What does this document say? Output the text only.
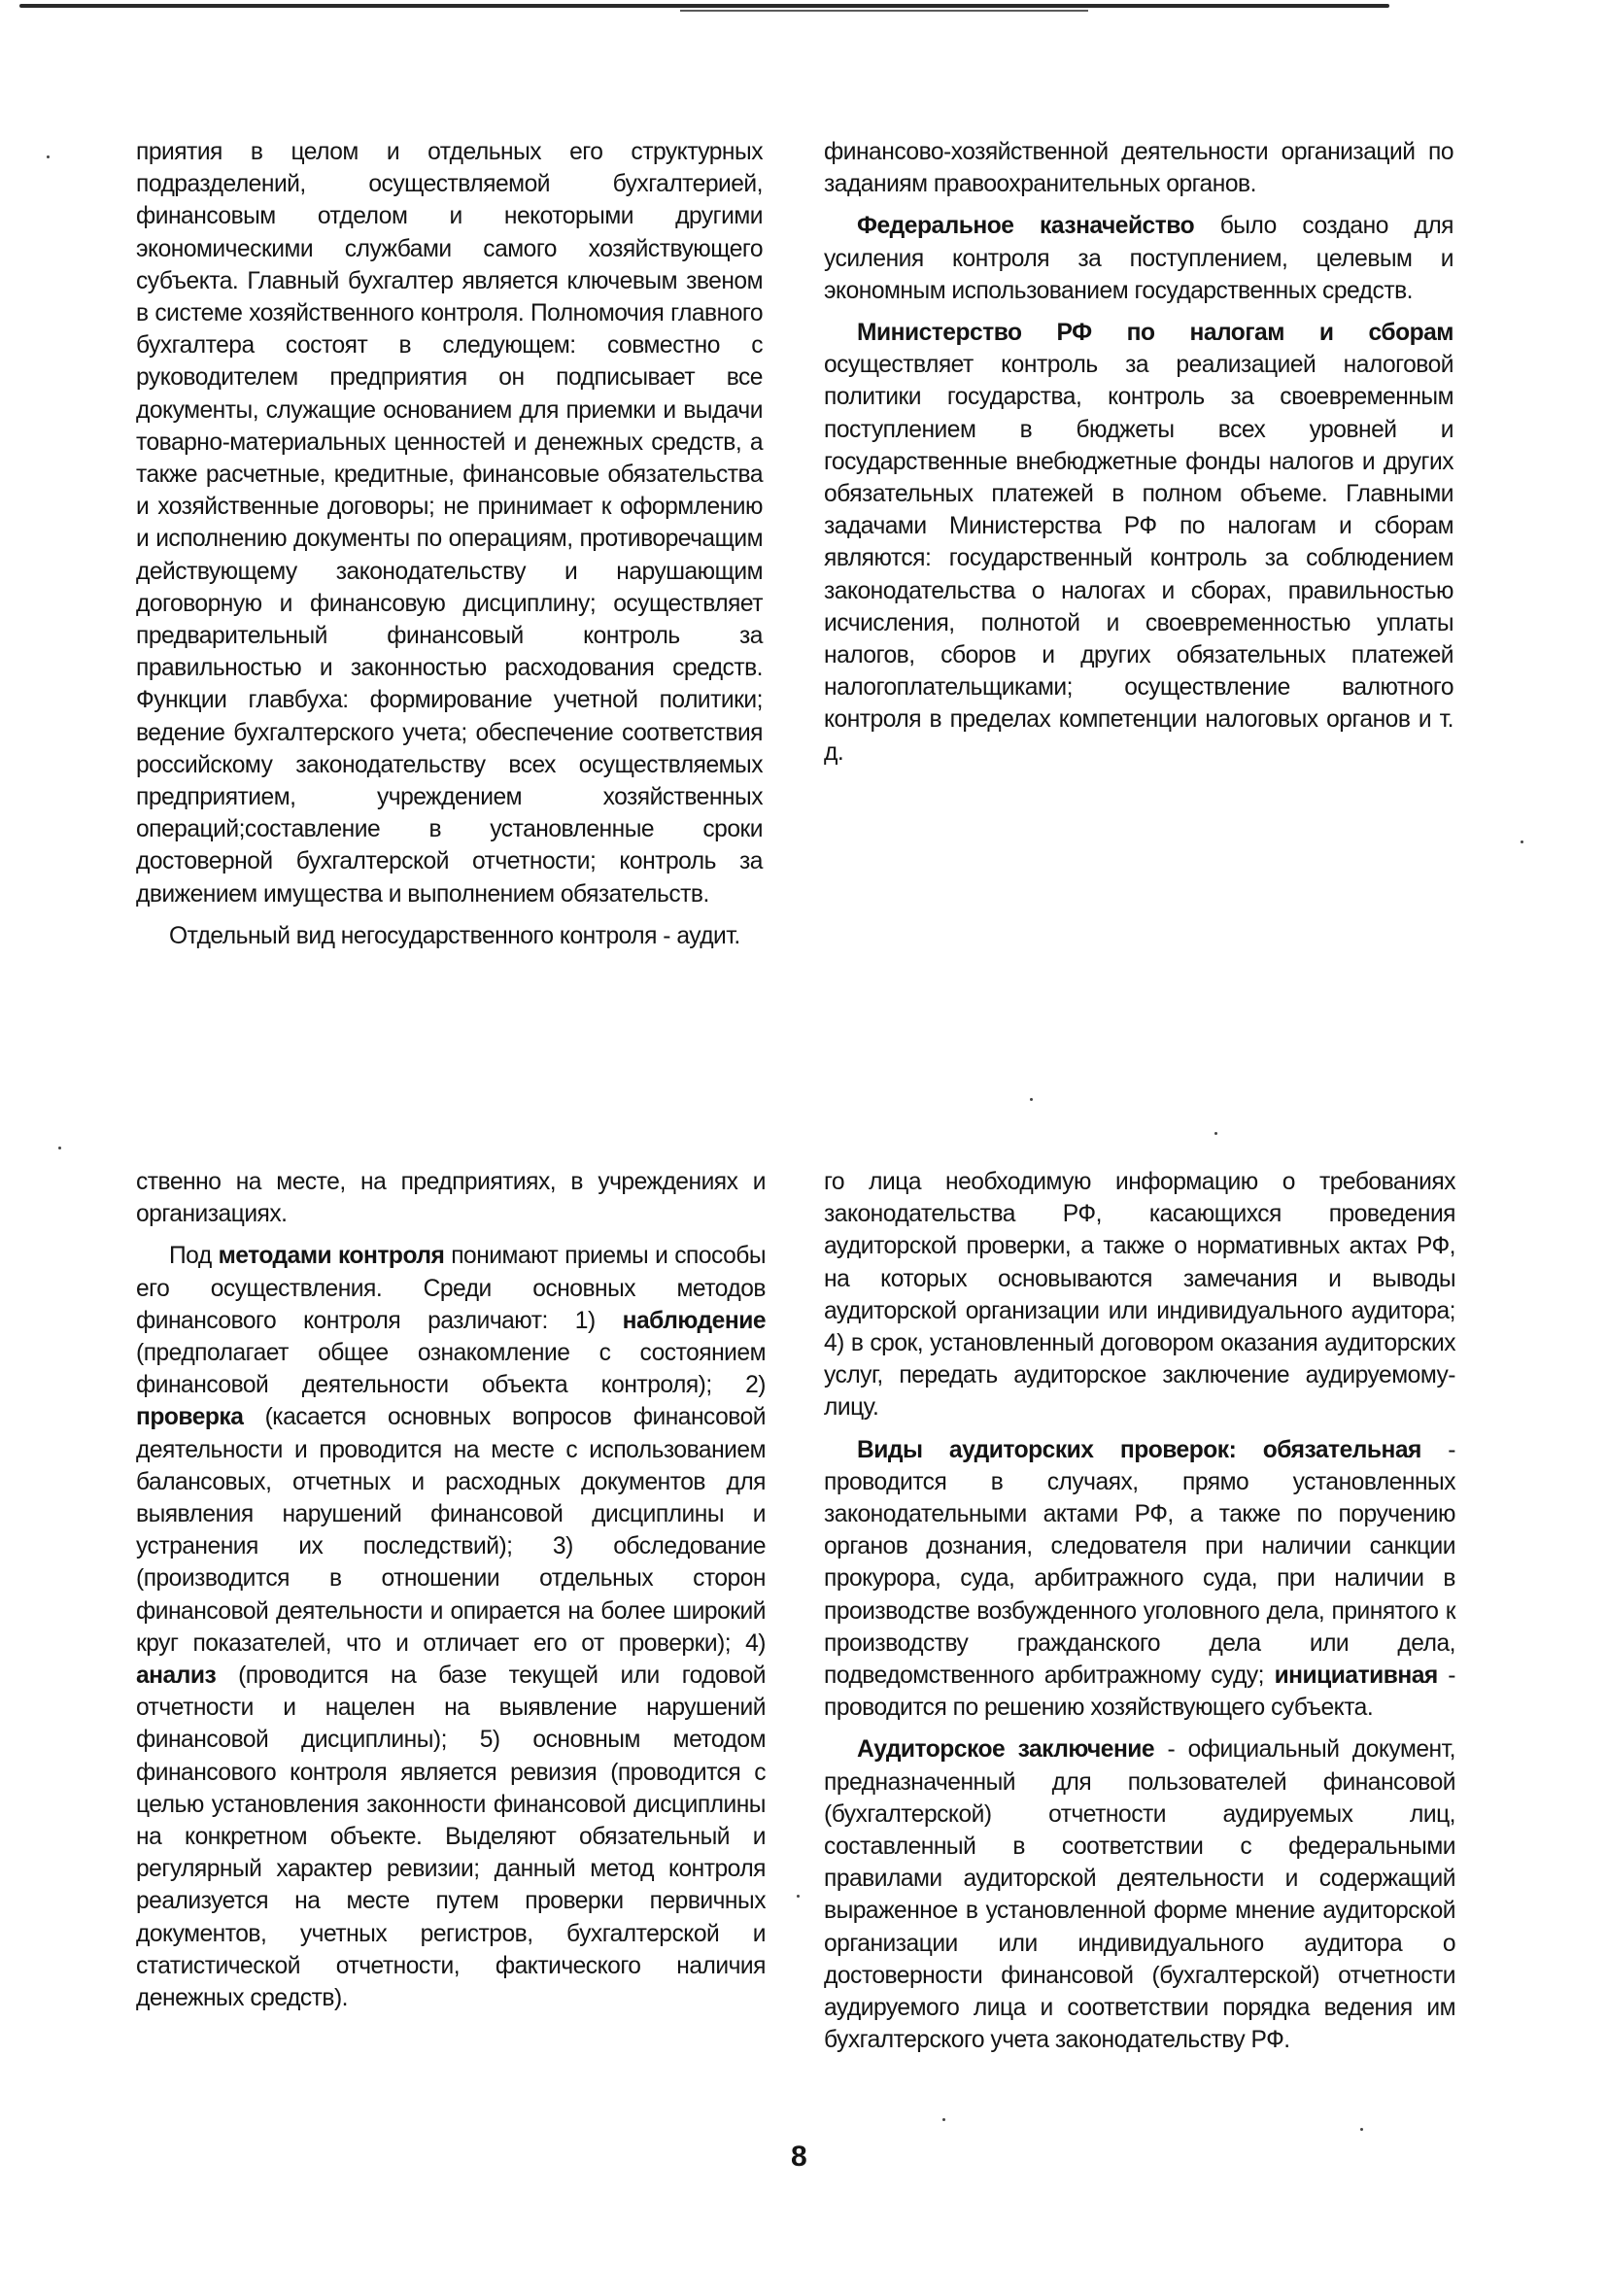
приятия в целом и отдельных его структурных подразделений, осуществляемой бухгалтерией, финансовым отделом и некоторыми другими экономическими службами самого хозяйствующего субъекта. Главный бухгалтер является ключевым звеном в системе хозяйственного контроля. Полномочия главного бухгалтера состоят в следующем: совместно с руководителем предприятия он подписывает все документы, служащие основанием для приемки и выдачи товарно-материальных ценностей и денежных средств, а также расчетные, кредитные, финансовые обязательства и хозяйственные договоры; не принимает к оформлению и исполнению документы по операциям, противоречащим действующему законодательству и нарушающим договорную и финансовую дисциплину; осуществляет предварительный финансовый контроль за правильностью и законностью расходования средств. Функции главбуха: формирование учетной политики; ведение бухгалтерского учета; обеспечение соответствия российскому законодательству всех осуществляемых предприятием, учреждением хозяйственных операций;составление в установленные сроки достоверной бухгалтерской отчетности; контроль за движением имущества и выполнением обязательств.

Отдельный вид негосударственного контроля - аудит.

финансово-хозяйственной деятельности организаций по заданиям правоохранительных органов.

Федеральное казначейство было создано для усиления контроля за поступлением, целевым и экономным использованием государственных средств.

Министерство РФ по налогам и сборам осуществляет контроль за реализацией налоговой политики государства, контроль за своевременным поступлением в бюджеты всех уровней и государственные внебюджетные фонды налогов и других обязательных платежей в полном объеме. Главными задачами Министерства РФ по налогам и сборам являются: государственный контроль за соблюдением законодательства о налогах и сборах, правильностью исчисления, полнотой и своевременностью уплаты налогов, сборов и других обязательных платежей налогоплательщиками; осуществление валютного контроля в пределах компетенции налоговых органов и т. д.

ственно на месте, на предприятиях, в учреждениях и организациях.

Под методами контроля понимают приемы и способы его осуществления. Среди основных методов финансового контроля различают: 1) наблюдение (предполагает общее ознакомление с состоянием финансовой деятельности объекта контроля); 2) проверка (касается основных вопросов финансовой деятельности и проводится на месте с использованием балансовых, отчетных и расходных документов для выявления нарушений финансовой дисциплины и устранения их последствий); 3) обследование (производится в отношении отдельных сторон финансовой деятельности и опирается на более широкий круг показателей, что и отличает его от проверки); 4) анализ (проводится на базе текущей или годовой отчетности и нацелен на выявление нарушений финансовой дисциплины); 5) основным методом финансового контроля является ревизия (проводится с целью установления законности финансовой дисциплины на конкретном объекте. Выделяют обязательный и регулярный характер ревизии; данный метод контроля реализуется на месте путем проверки первичных документов, учетных регистров, бухгалтерской и статистической отчетности, фактического наличия денежных средств).

го лица необходимую информацию о требованиях законодательства РФ, касающихся проведения аудиторской проверки, а также о нормативных актах РФ, на которых основываются замечания и выводы аудиторской организации или индивидуального аудитора; 4) в срок, установленный договором оказания аудиторских услуг, передать аудиторское заключение аудируемому-лицу.

Виды аудиторских проверок: обязательная - проводится в случаях, прямо установленных законодательными актами РФ, а также по поручению органов дознания, следователя при наличии санкции прокурора, суда, арбитражного суда, при наличии в производстве возбужденного уголовного дела, принятого к производству гражданского дела или дела, подведомственного арбитражному суду; инициативная - проводится по решению хозяйствующего субъекта.

Аудиторское заключение - официальный документ, предназначенный для пользователей финансовой (бухгалтерской) отчетности аудируемых лиц, составленный в соответствии с федеральными правилами аудиторской деятельности и содержащий выраженное в установленной форме мнение аудиторской организации или индивидуального аудитора о достоверности финансовой (бухгалтерской) отчетности аудируемого лица и соответствии порядка ведения им бухгалтерского учета законодательству РФ.

8
